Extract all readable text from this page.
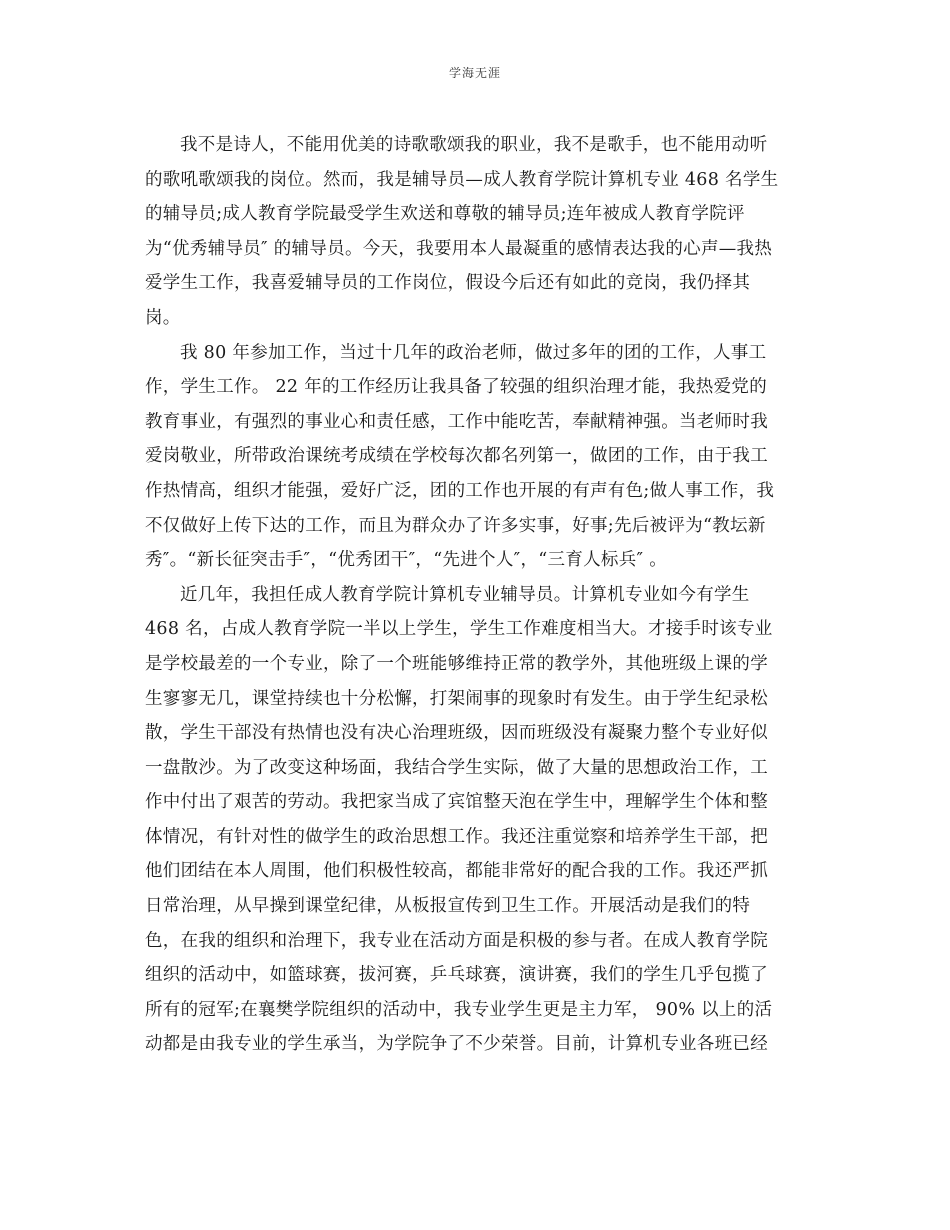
学海无涯
我不是诗人，不能用优美的诗歌歌颂我的职业，我不是歌手，也不能用动听
的歌吼歌颂我的岗位。然而，我是辅导员—成人教育学院计算机专业 468 名学生
的辅导员;成人教育学院最受学生欢送和尊敬的辅导员;连年被成人教育学院评
为“优秀辅导员″ 的辅导员。今天，我要用本人最凝重的感情表达我的心声—我热
爱学生工作，我喜爱辅导员的工作岗位，假设今后还有如此的竞岗，我仍择其
岗。
我 80 年参加工作，当过十几年的政治老师，做过多年的团的工作，人事工
作，学生工作。 22 年的工作经历让我具备了较强的组织治理才能，我热爱党的
教育事业，有强烈的事业心和责任感，工作中能吃苦，奉献精神强。当老师时我
爱岗敬业，所带政治课统考成绩在学校每次都名列第一，做团的工作，由于我工
作热情高，组织才能强，爱好广泛，团的工作也开展的有声有色;做人事工作，我
不仅做好上传下达的工作，而且为群众办了许多实事，好事;先后被评为“教坛新
秀″。“新长征突击手″，“优秀团干″，“先进个人″，“三育人标兵″ 。
近几年，我担任成人教育学院计算机专业辅导员。计算机专业如今有学生
468 名，占成人教育学院一半以上学生，学生工作难度相当大。才接手时该专业
是学校最差的一个专业，除了一个班能够维持正常的教学外，其他班级上课的学
生寥寥无几，课堂持续也十分松懈，打架闹事的现象时有发生。由于学生纪录松
散，学生干部没有热情也没有决心治理班级，因而班级没有凝聚力整个专业好似
一盘散沙。为了改变这种场面，我结合学生实际，做了大量的思想政治工作，工
作中付出了艰苦的劳动。我把家当成了宾馆整天泡在学生中，理解学生个体和整
体情况，有针对性的做学生的政治思想工作。我还注重觉察和培养学生干部，把
他们团结在本人周围，他们积极性较高，都能非常好的配合我的工作。我还严抓
日常治理，从早操到课堂纪律，从板报宣传到卫生工作。开展活动是我们的特
色，在我的组织和治理下，我专业在活动方面是积极的参与者。在成人教育学院
组织的活动中，如篮球赛，拔河赛，乒乓球赛，演讲赛，我们的学生几乎包揽了
所有的冠军;在襄樊学院组织的活动中，我专业学生更是主力军， 90% 以上的活
动都是由我专业的学生承当，为学院争了不少荣誉。目前，计算机专业各班已经
